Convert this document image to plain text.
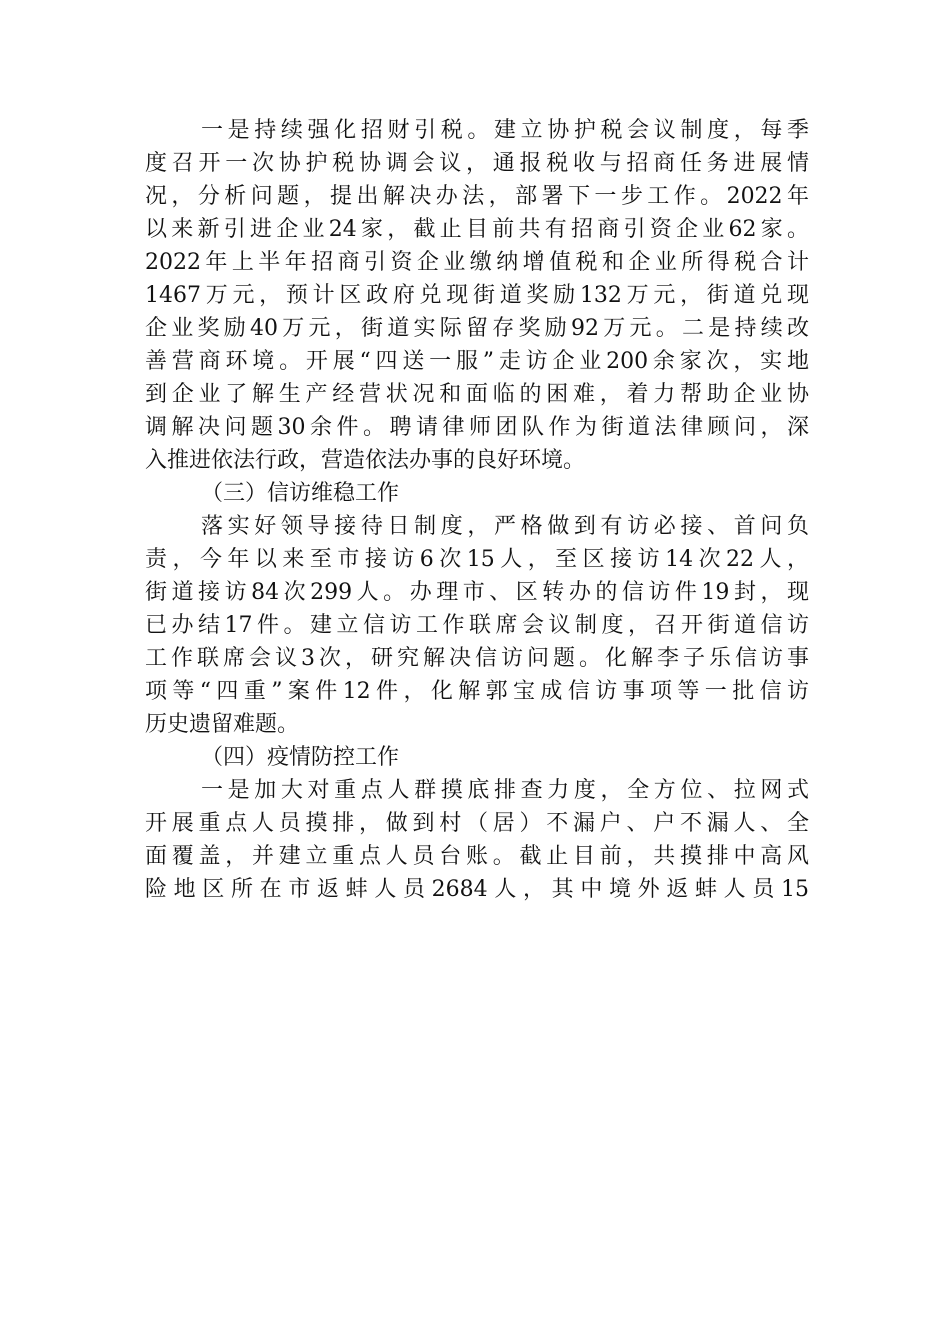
一是持续强化招财引税。建立协护税会议制度，每季
度召开一次协护税协调会议，通报税收与招商任务进展情
况，分析问题，提出解决办法，部署下一步工作。2022年
以来新引进企业24家，截止目前共有招商引资企业62家。
2022年上半年招商引资企业缴纳增值税和企业所得税合计
1467万元，预计区政府兑现街道奖励132万元，街道兑现
企业奖励40万元，街道实际留存奖励92万元。二是持续改
善营商环境。开展“四送一服”走访企业200余家次，实地
到企业了解生产经营状况和面临的困难，着力帮助企业协
调解决问题30余件。聘请律师团队作为街道法律顾问，深
入推进依法行政，营造依法办事的良好环境。
（三）信访维稳工作
落实好领导接待日制度，严格做到有访必接、首问负
责，今年以来至市接访6次15人，至区接访14次22人，
街道接访84次299人。办理市、区转办的信访件19封，现
已办结17件。建立信访工作联席会议制度，召开街道信访
工作联席会议3次，研究解决信访问题。化解李子乐信访事
项等“四重”案件12件，化解郭宝成信访事项等一批信访
历史遗留难题。
（四）疫情防控工作
一是加大对重点人群摸底排查力度，全方位、拉网式
开展重点人员摸排，做到村（居）不漏户、户不漏人、全
面覆盖，并建立重点人员台账。截止目前，共摸排中高风
险地区所在市返蚌人员2684人，其中境外返蚌人员15
